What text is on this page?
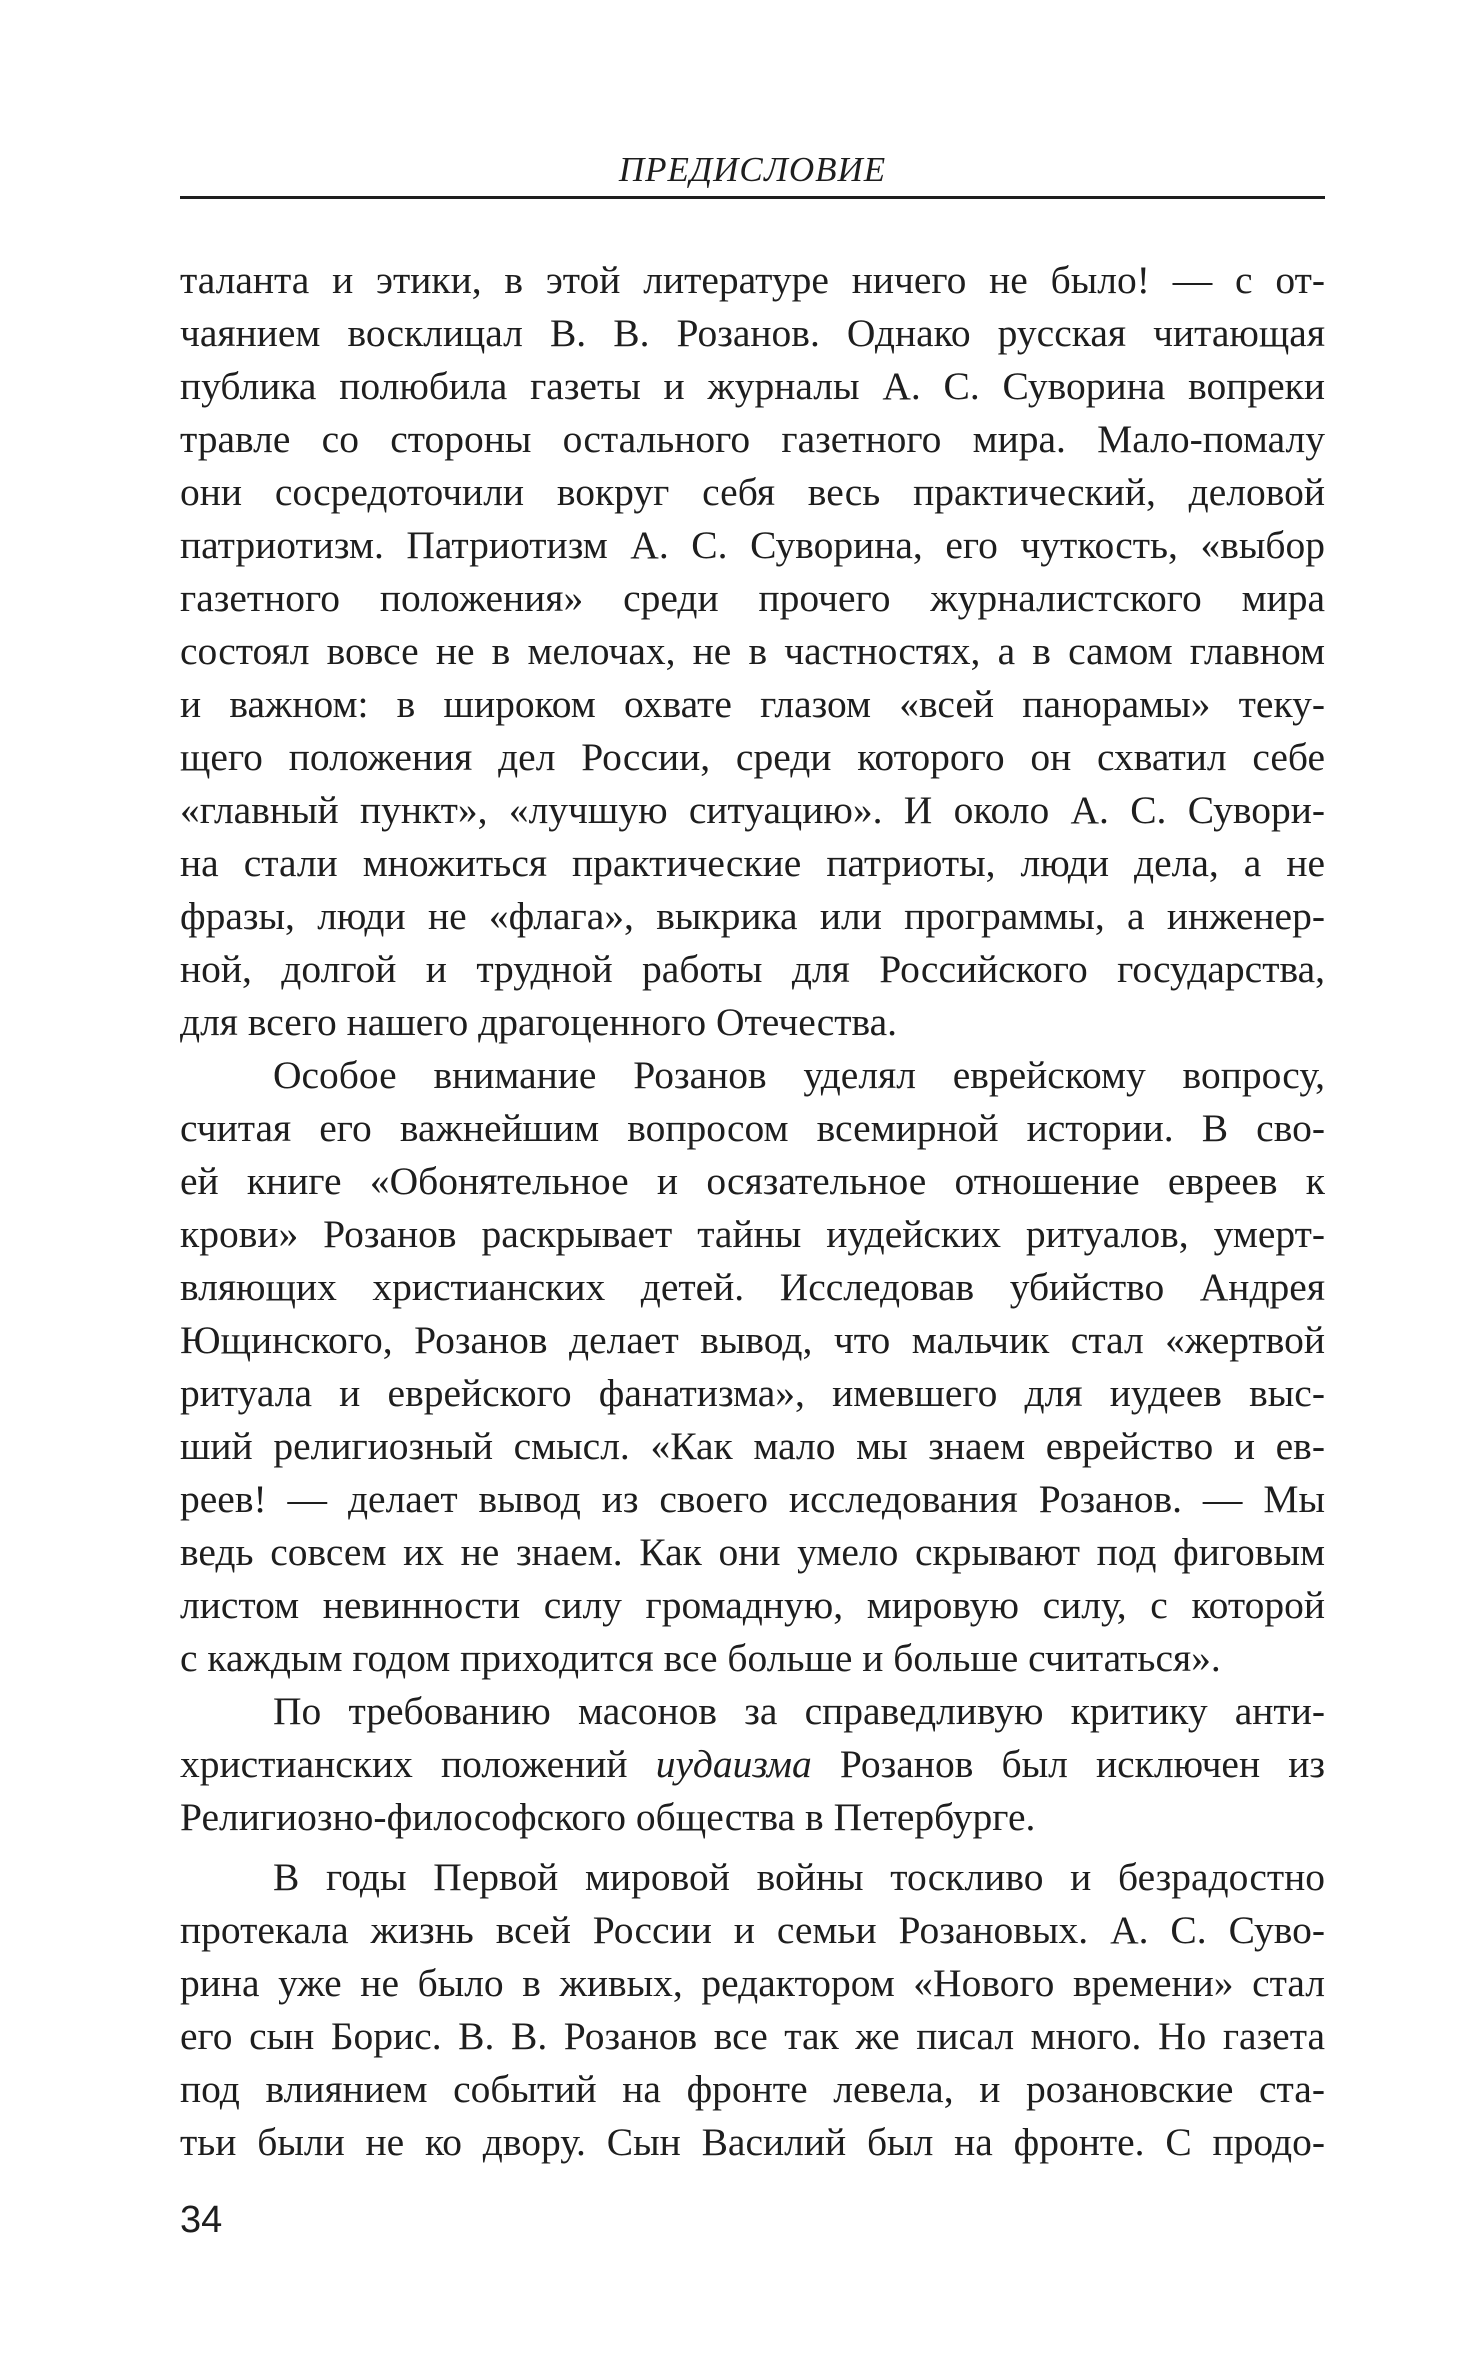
ПРЕДИСЛОВИЕ
таланта и этики, в этой литературе ничего не было! — с от-
чаянием восклицал В. В. Розанов. Однако русская читающая
публика полюбила газеты и журналы А. С. Суворина вопреки
травле со стороны остального газетного мира. Мало-помалу
они сосредоточили вокруг себя весь практический, деловой
патриотизм. Патриотизм А. С. Суворина, его чуткость, «выбор
газетного положения» среди прочего журналистского мира
состоял вовсе не в мелочах, не в частностях, а в самом главном
и важном: в широком охвате глазом «всей панорамы» теку-
щего положения дел России, среди которого он схватил себе
«главный пункт», «лучшую ситуацию». И около А. С. Сувори-
на стали множиться практические патриоты, люди дела, а не
фразы, люди не «флага», выкрика или программы, а инженер-
ной, долгой и трудной работы для Российского государства,
для всего нашего драгоценного Отечества.
Особое внимание Розанов уделял еврейскому вопросу,
считая его важнейшим вопросом всемирной истории. В сво-
ей книге «Обонятельное и осязательное отношение евреев к
крови» Розанов раскрывает тайны иудейских ритуалов, умерт-
вляющих христианских детей. Исследовав убийство Андрея
Ющинского, Розанов делает вывод, что мальчик стал «жертвой
ритуала и еврейского фанатизма», имевшего для иудеев выс-
ший религиозный смысл. «Как мало мы знаем еврейство и ев-
реев! — делает вывод из своего исследования Розанов. — Мы
ведь совсем их не знаем. Как они умело скрывают под фиговым
листом невинности силу громадную, мировую силу, с которой
с каждым годом приходится все больше и больше считаться».
По требованию масонов за справедливую критику анти-
христианских положений иудаизма Розанов был исключен из
Религиозно-философского общества в Петербурге.
В годы Первой мировой войны тоскливо и безрадостно
протекала жизнь всей России и семьи Розановых. А. С. Суво-
рина уже не было в живых, редактором «Нового времени» стал
его сын Борис. В. В. Розанов все так же писал много. Но газета
под влиянием событий на фронте левела, и розановские ста-
тьи были не ко двору. Сын Василий был на фронте. С продо-
34
